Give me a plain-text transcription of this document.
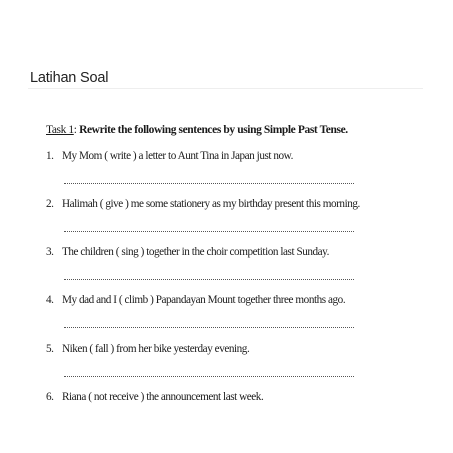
Latihan Soal
Task 1: Rewrite the following sentences by using Simple Past Tense.
1. My Mom ( write ) a letter to Aunt Tina in Japan just now.
2. Halimah ( give ) me some stationery as my birthday present this morning.
3. The children ( sing ) together in the choir competition last Sunday.
4. My dad and I ( climb ) Papandayan Mount together three months ago.
5. Niken ( fall ) from her bike yesterday evening.
6. Riana ( not receive ) the announcement last week.
